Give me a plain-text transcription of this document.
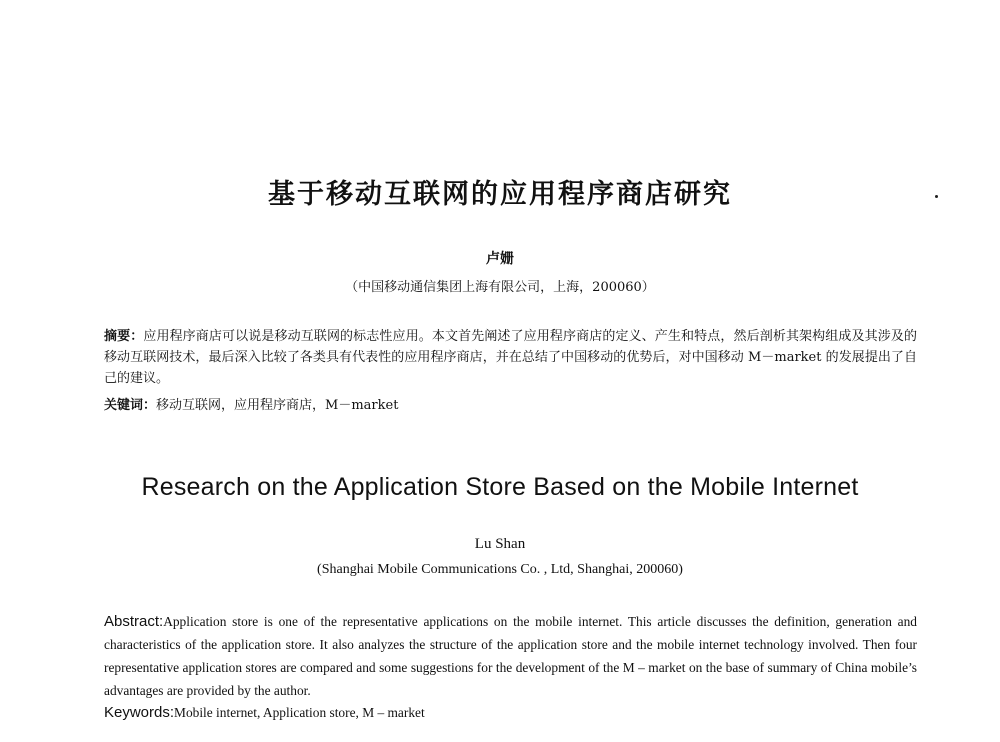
基于移动互联网的应用程序商店研究
卢姗
（中国移动通信集团上海有限公司，上海，200060）
摘要：应用程序商店可以说是移动互联网的标志性应用。本文首先阐述了应用程序商店的定义、产生和特点，然后剖析其架构组成及其涉及的移动互联网技术，最后深入比较了各类具有代表性的应用程序商店，并在总结了中国移动的优势后，对中国移动 M－market 的发展提出了自己的建议。
关键词：移动互联网，应用程序商店，M－market
Research on the Application Store Based on the Mobile Internet
Lu Shan
(Shanghai Mobile Communications Co. , Ltd, Shanghai, 200060)
Abstract:Application store is one of the representative applications on the mobile internet. This article discusses the definition, generation and characteristics of the application store. It also analyzes the structure of the application store and the mobile internet technology involved. Then four representative application stores are compared and some suggestions for the development of the M – market on the base of summary of China mobile’s advantages are provided by the author.
Keywords:Mobile internet, Application store, M – market
